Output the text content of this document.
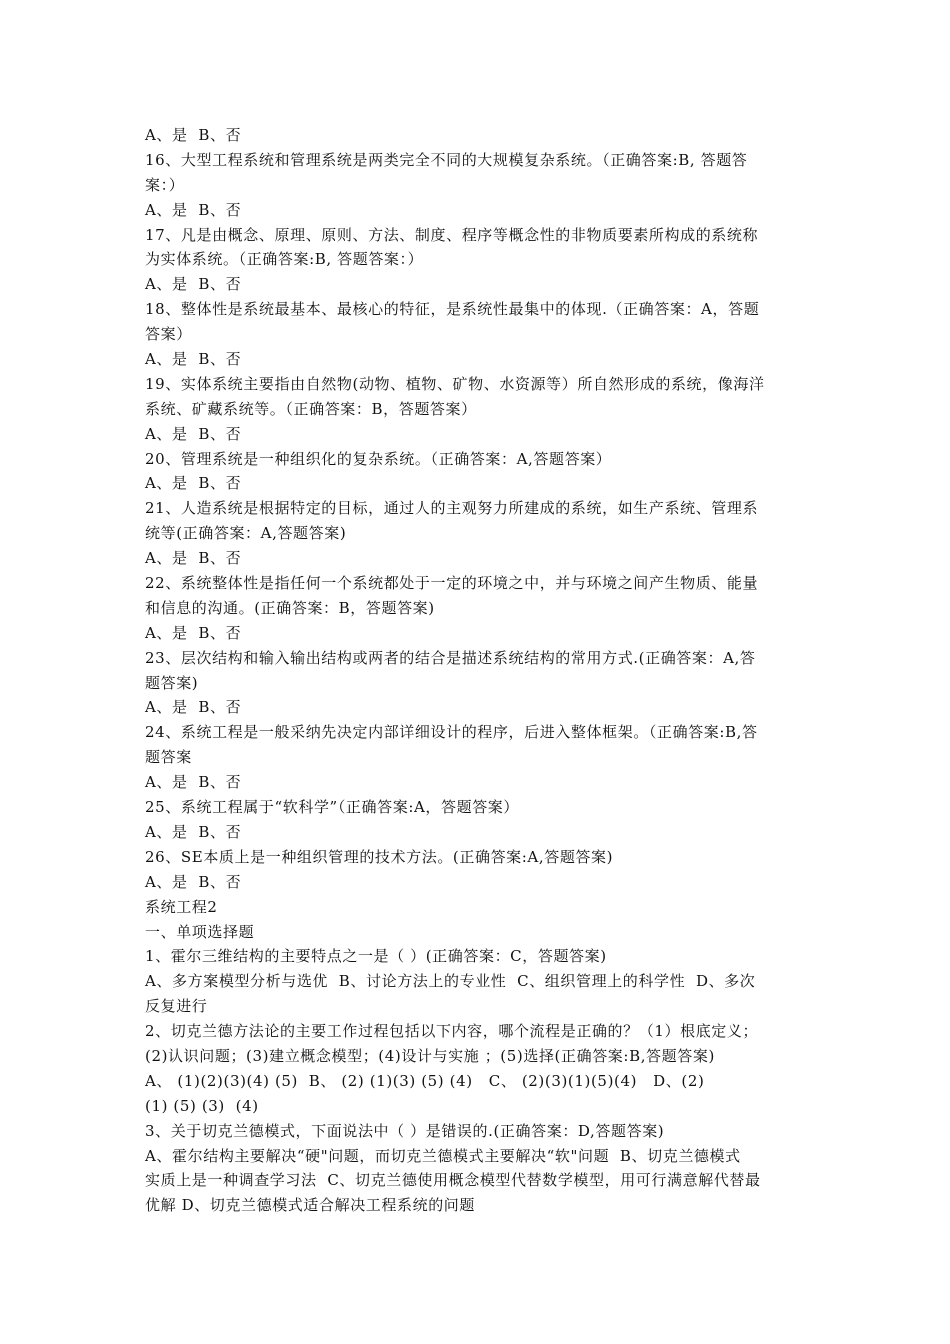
A、是  B、否
16、大型工程系统和管理系统是两类完全不同的大规模复杂系统。（正确答案:B, 答题答
案：）
A、是  B、否
17、凡是由概念、原理、原则、方法、制度、程序等概念性的非物质要素所构成的系统称
为实体系统。（正确答案:B, 答题答案：）
A、是  B、否
18、整体性是系统最基本、最核心的特征，是系统性最集中的体现.（正确答案：A，答题
答案）
A、是  B、否
19、实体系统主要指由自然物(动物、植物、矿物、水资源等）所自然形成的系统，像海洋
系统、矿藏系统等。（正确答案：B，答题答案）
A、是  B、否
20、管理系统是一种组织化的复杂系统。（正确答案：A,答题答案）
A、是  B、否
21、人造系统是根据特定的目标，通过人的主观努力所建成的系统，如生产系统、管理系
统等(正确答案：A,答题答案)
A、是  B、否
22、系统整体性是指任何一个系统都处于一定的环境之中，并与环境之间产生物质、能量
和信息的沟通。(正确答案：B，答题答案)
A、是  B、否
23、层次结构和输入输出结构或两者的结合是描述系统结构的常用方式.(正确答案：A,答
题答案)
A、是  B、否
24、系统工程是一般采纳先决定内部详细设计的程序，后进入整体框架。（正确答案:B,答
题答案
A、是  B、否
25、系统工程属于“软科学”（正确答案:A，答题答案）
A、是  B、否
26、SE本质上是一种组织管理的技术方法。(正确答案:A,答题答案)
A、是  B、否
系统工程2
一、单项选择题
1、霍尔三维结构的主要特点之一是（ ）(正确答案：C，答题答案)
A、多方案模型分析与选优  B、讨论方法上的专业性  C、组织管理上的科学性  D、多次
反复进行
2、切克兰德方法论的主要工作过程包括以下内容，哪个流程是正确的？（1）根底定义；
(2)认识问题；(3)建立概念模型；(4)设计与实施 ；(5)选择(正确答案:B,答题答案)
A、 (1)(2)(3)(4) (5)  B、 (2) (1)(3) (5) (4)   C、 (2)(3)(1)(5)(4)   D、(2)
(1) (5) (3)  (4)
3、关于切克兰德模式，下面说法中（ ）是错误的.(正确答案：D,答题答案)
A、霍尔结构主要解决“硬"问题，而切克兰德模式主要解决“软"问题  B、切克兰德模式
实质上是一种调查学习法  C、切克兰德使用概念模型代替数学模型，用可行满意解代替最
优解 D、切克兰德模式适合解决工程系统的问题
